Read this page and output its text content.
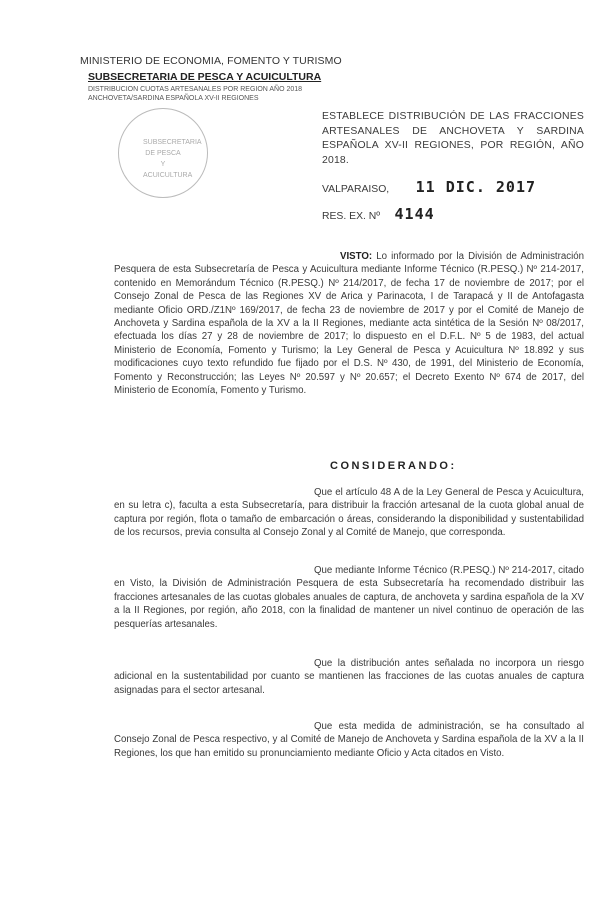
MINISTERIO DE ECONOMIA, FOMENTO Y TURISMO
SUBSECRETARIA DE PESCA Y ACUICULTURA
DISTRIBUCION CUOTAS ARTESANALES POR REGION AÑO 2018
ANCHOVETA/SARDINA ESPAÑOLA XV-II REGIONES
SUBSECRETARIA DE PESCA Y ACUICULTURA
ESTABLECE DISTRIBUCIÓN DE LAS FRACCIONES ARTESANALES DE ANCHOVETA Y SARDINA ESPAÑOLA XV-II REGIONES, POR REGIÓN, AÑO 2018.
VALPARAISO, 11 DIC. 2017
RES. EX. Nº 4144
VISTO: Lo informado por la División de Administración Pesquera de esta Subsecretaría de Pesca y Acuicultura mediante Informe Técnico (R.PESQ.) Nº 214-2017, contenido en Memorándum Técnico (R.PESQ.) Nº 214/2017, de fecha 17 de noviembre de 2017; por el Consejo Zonal de Pesca de las Regiones XV de Arica y Parinacota, I de Tarapacá y II de Antofagasta mediante Oficio ORD./Z1Nº 169/2017, de fecha 23 de noviembre de 2017 y por el Comité de Manejo de Anchoveta y Sardina española de la XV a la II Regiones, mediante acta sintética de la Sesión Nº 08/2017, efectuada los días 27 y 28 de noviembre de 2017; lo dispuesto en el D.F.L. Nº 5 de 1983, del actual Ministerio de Economía, Fomento y Turismo; la Ley General de Pesca y Acuicultura Nº 18.892 y sus modificaciones cuyo texto refundido fue fijado por el D.S. Nº 430, de 1991, del Ministerio de Economía, Fomento y Reconstrucción; las Leyes Nº 20.597 y Nº 20.657; el Decreto Exento Nº 674 de 2017, del Ministerio de Economía, Fomento y Turismo.
CONSIDERANDO:
Que el artículo 48 A de la Ley General de Pesca y Acuicultura, en su letra c), faculta a esta Subsecretaría, para distribuir la fracción artesanal de la cuota global anual de captura por región, flota o tamaño de embarcación o áreas, considerando la disponibilidad y sustentabilidad de los recursos, previa consulta al Consejo Zonal y al Comité de Manejo, que corresponda.
Que mediante Informe Técnico (R.PESQ.) Nº 214-2017, citado en Visto, la División de Administración Pesquera de esta Subsecretaría ha recomendado distribuir las fracciones artesanales de las cuotas globales anuales de captura, de anchoveta y sardina española de la XV a la II Regiones, por región, año 2018, con la finalidad de mantener un nivel continuo de operación de las pesquerías artesanales.
Que la distribución antes señalada no incorpora un riesgo adicional en la sustentabilidad por cuanto se mantienen las fracciones de las cuotas anuales de captura asignadas para el sector artesanal.
Que esta medida de administración, se ha consultado al Consejo Zonal de Pesca respectivo, y al Comité de Manejo de Anchoveta y Sardina española de la XV a la II Regiones, los que han emitido su pronunciamiento mediante Oficio y Acta citados en Visto.
